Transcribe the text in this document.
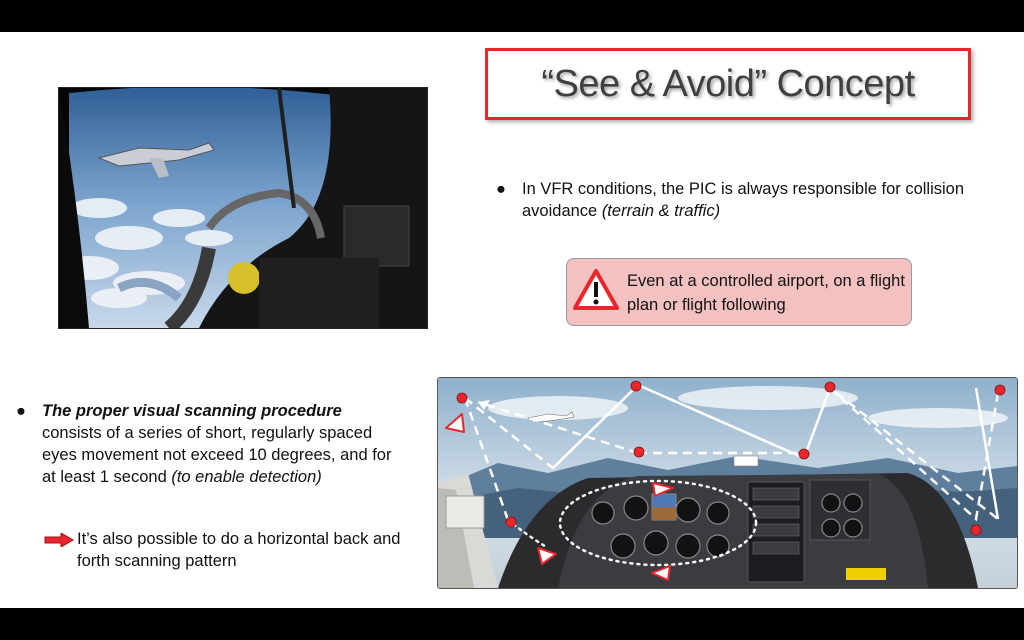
“See & Avoid” Concept
● In VFR conditions, the PIC is always responsible for collision avoidance (terrain & traffic)
Even at a controlled airport, on a flight plan or flight following
● The proper visual scanning procedure consists of a series of short, regularly spaced eyes movement not exceed 10 degrees, and for at least 1 second (to enable detection)
It’s also possible to do a horizontal back and forth scanning pattern
